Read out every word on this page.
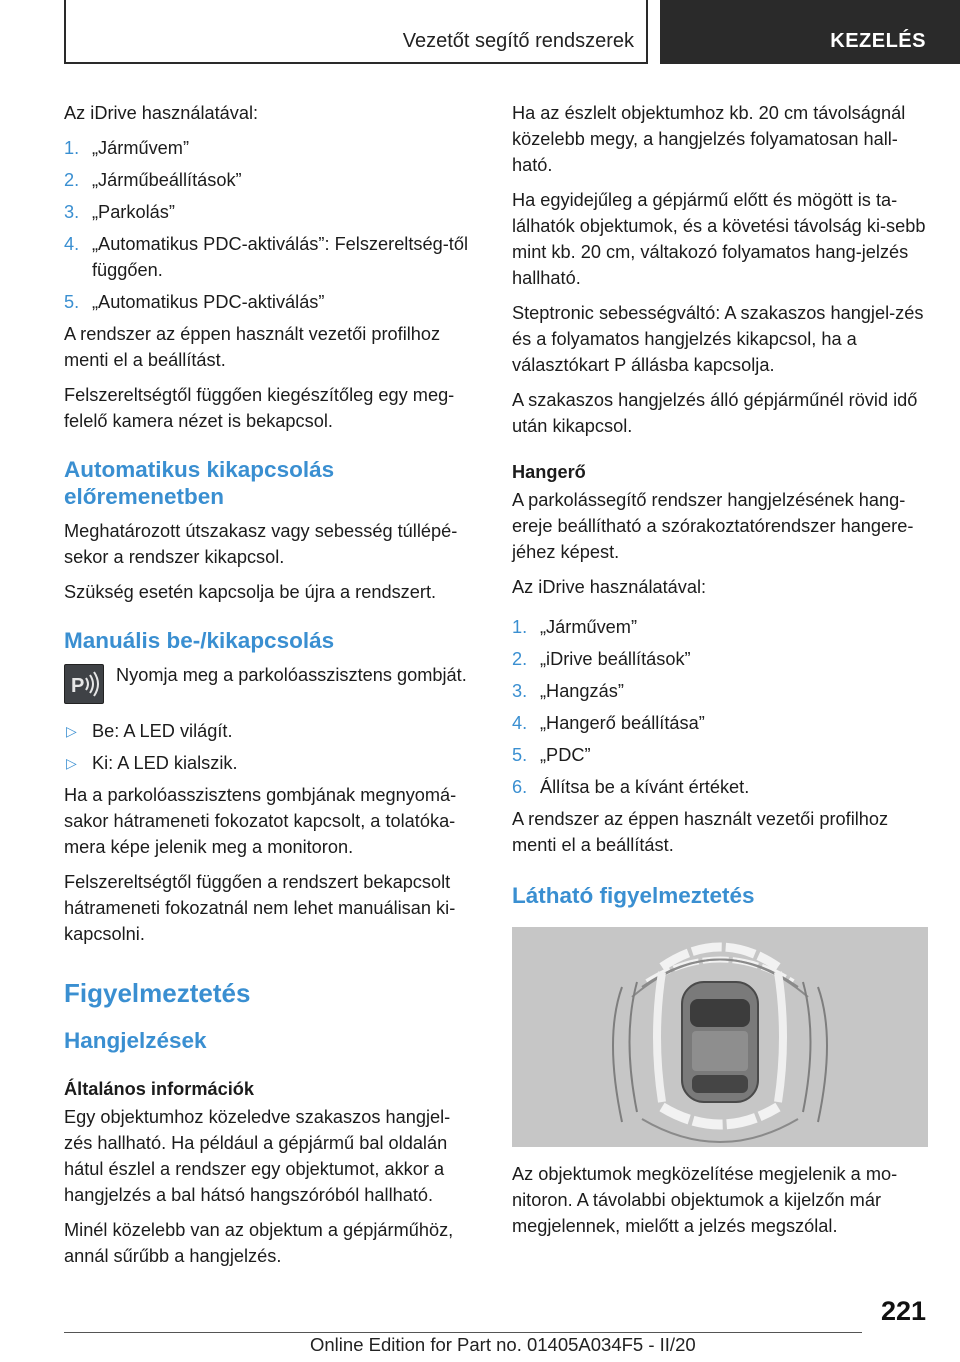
Vezetőt segítő rendszerek	KEZELÉS

Az iDrive használatával:

1. „Járművem”
2. „Járműbeállítások”
3. „Parkolás”
4. „Automatikus PDC-aktiválás”: Felszereltség-től függően.
5. „Automatikus PDC-aktiválás”

A rendszer az éppen használt vezetői profilhoz menti el a beállítást.

Felszereltségtől függően kiegészítőleg egy meg-felelő kamera nézet is bekapcsol.

Automatikus kikapcsolás előremenetben

Meghatározott útszakasz vagy sebesség túllépé-sekor a rendszer kikapcsol.

Szükség esetén kapcsolja be újra a rendszert.

Manuális be-/kikapcsolás
P	Nyomja meg a parkolóasszisztens gombját.

▷ Be: A LED világít.
▷ Ki: A LED kialszik.

Ha a parkolóasszisztens gombjának megnyomá-sakor hátrameneti fokozatot kapcsolt, a tolatóka-mera képe jelenik meg a monitoron.

Felszereltségtől függően a rendszert bekapcsolt hátrameneti fokozatnál nem lehet manuálisan ki-kapcsolni.

Figyelmeztetés
Hangjelzések
Általános információk

Egy objektumhoz közeledve szakaszos hangjel-zés hallható. Ha például a gépjármű bal oldalán hátul észlel a rendszer egy objektumot, akkor a hangjelzés a bal hátsó hangszóróból hallható.

Minél közelebb van az objektum a gépjárműhöz, annál sűrűbb a hangjelzés.

Ha az észlelt objektumhoz kb. 20 cm távolságnál közelebb megy, a hangjelzés folyamatosan hall-ható.

Ha egyidejűleg a gépjármű előtt és mögött is ta-lálhatók objektumok, és a követési távolság ki-sebb mint kb. 20 cm, váltakozó folyamatos hang-jelzés hallható.

Steptronic sebességváltó: A szakaszos hangjel-zés és a folyamatos hangjelzés kikapcsol, ha a választókart P állásba kapcsolja.

A szakaszos hangjelzés álló gépjárműnél rövid idő után kikapcsol.

Hangerő

A parkolássegítő rendszer hangjelzésének hang-ereje beállítható a szórakoztatórendszer hangere-jéhez képest.

Az iDrive használatával:

1. „Járművem”
2. „iDrive beállítások”
3. „Hangzás”
4. „Hangerő beállítása”
5. „PDC”
6. Állítsa be a kívánt értéket.

A rendszer az éppen használt vezetői profilhoz menti el a beállítást.

Látható figyelmeztetés

Az objektumok megközelítése megjelenik a mo-nitoron. A távolabbi objektumok a kijelzőn már megjelennek, mielőtt a jelzés megszólal.

221
Online Edition for Part no. 01405A034F5 - II/20
